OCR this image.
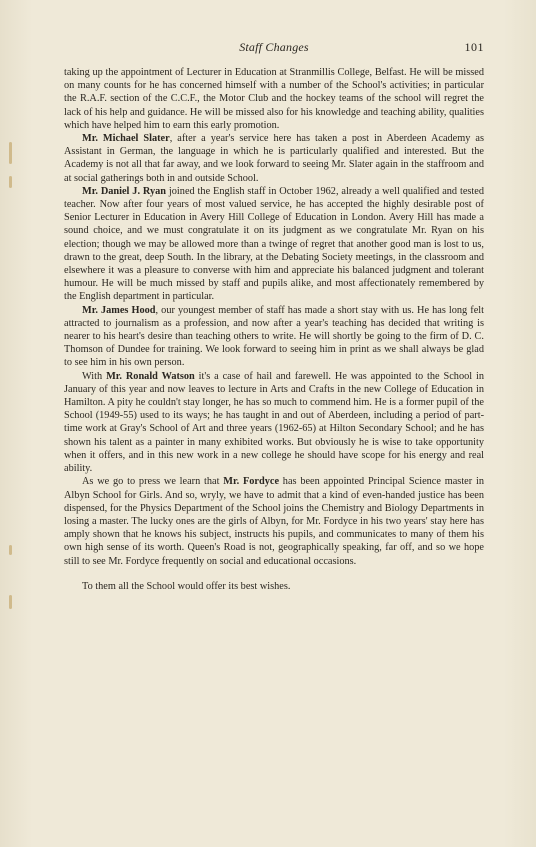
Staff Changes	101

taking up the appointment of Lecturer in Education at Stranmillis College, Belfast. He will be missed on many counts for he has concerned himself with a number of the School's activities; in particular the R.A.F. section of the C.C.F., the Motor Club and the hockey teams of the school will regret the lack of his help and guidance. He will be missed also for his knowledge and teaching ability, qualities which have helped him to earn this early promotion.

Mr. Michael Slater, after a year's service here has taken a post in Aberdeen Academy as Assistant in German, the language in which he is particularly qualified and interested. But the Academy is not all that far away, and we look forward to seeing Mr. Slater again in the staffroom and at social gatherings both in and outside School.

Mr. Daniel J. Ryan joined the English staff in October 1962, already a well qualified and tested teacher. Now after four years of most valued service, he has accepted the highly desirable post of Senior Lecturer in Education in Avery Hill College of Education in London. Avery Hill has made a sound choice, and we must congratulate it on its judgment as we congratulate Mr. Ryan on his election; though we may be allowed more than a twinge of regret that another good man is lost to us, drawn to the great, deep South. In the library, at the Debating Society meetings, in the classroom and elsewhere it was a pleasure to converse with him and appreciate his balanced judgment and tolerant humour. He will be much missed by staff and pupils alike, and most affectionately remembered by the English department in particular.

Mr. James Hood, our youngest member of staff has made a short stay with us. He has long felt attracted to journalism as a profession, and now after a year's teaching has decided that writing is nearer to his heart's desire than teaching others to write. He will shortly be going to the firm of D. C. Thomson of Dundee for training. We look forward to seeing him in print as we shall always be glad to see him in his own person.

With Mr. Ronald Watson it's a case of hail and farewell. He was appointed to the School in January of this year and now leaves to lecture in Arts and Crafts in the new College of Education in Hamilton. A pity he couldn't stay longer, he has so much to commend him. He is a former pupil of the School (1949-55) used to its ways; he has taught in and out of Aberdeen, including a period of part-time work at Gray's School of Art and three years (1962-65) at Hilton Secondary School; and he has shown his talent as a painter in many exhibited works. But obviously he is wise to take opportunity when it offers, and in this new work in a new college he should have scope for his energy and real ability.

As we go to press we learn that Mr. Fordyce has been appointed Principal Science master in Albyn School for Girls. And so, wryly, we have to admit that a kind of even-handed justice has been dispensed, for the Physics Department of the School joins the Chemistry and Biology Departments in losing a master. The lucky ones are the girls of Albyn, for Mr. Fordyce in his two years' stay here has amply shown that he knows his subject, instructs his pupils, and communicates to many of them his own high sense of its worth. Queen's Road is not, geographically speaking, far off, and so we hope still to see Mr. Fordyce frequently on social and educational occasions.

To them all the School would offer its best wishes.
